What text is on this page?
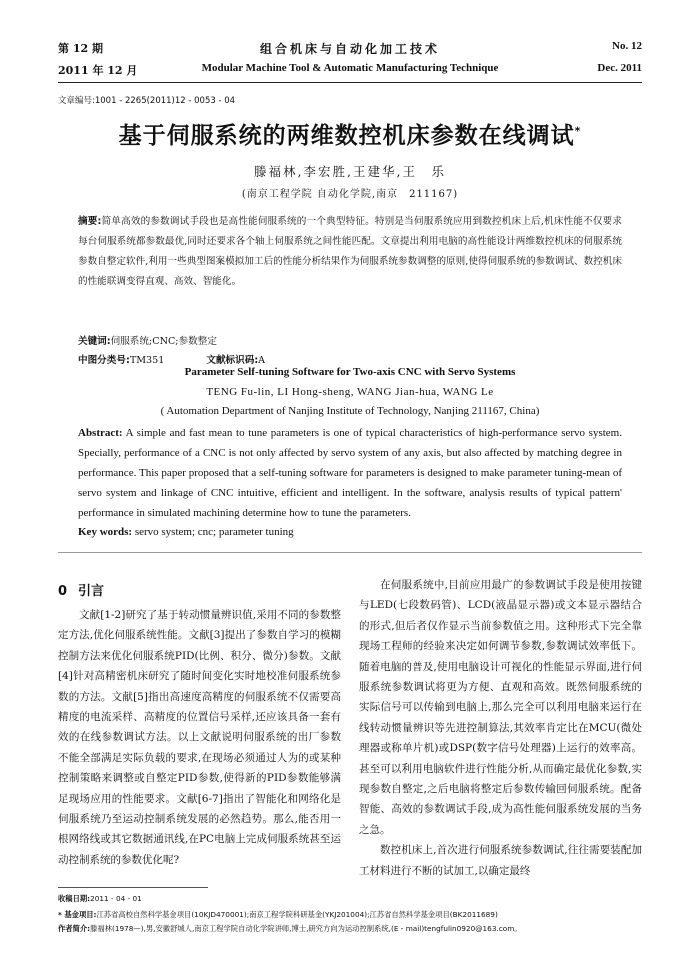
第 12 期
2011 年 12 月
组合机床与自动化加工技术
Modular Machine Tool & Automatic Manufacturing Technique
No. 12
Dec. 2011
文章编号:1001 - 2265(2011)12 - 0053 - 04
基于伺服系统的两维数控机床参数在线调试*
滕福林,李宏胜,王建华,王　乐
(南京工程学院 自动化学院,南京　211167)
摘要:简单高效的参数调试手段也是高性能伺服系统的一个典型特征。特别是当伺服系统应用到数控机床上后,机床性能不仅要求每台伺服系统都参数最优,同时还要求各个轴上伺服系统之间性能匹配。文章提出利用电脑的高性能设计两维数控机床的伺服系统参数自整定软件,利用一些典型图案模拟加工后的性能分析结果作为伺服系统参数调整的原则,使得伺服系统的参数调试、数控机床的性能联调变得直观、高效、智能化。
关键词:伺服系统;CNC;参数整定
中图分类号:TM351	文献标识码:A
Parameter Self-tuning Software for Two-axis CNC with Servo Systems
TENG Fu-lin, LI Hong-sheng, WANG Jian-hua, WANG Le
( Automation Department of Nanjing Institute of Technology, Nanjing 211167, China)
Abstract: A simple and fast mean to tune parameters is one of typical characteristics of high-performance servo system. Specially, performance of a CNC is not only affected by servo system of any axis, but also affected by matching degree in performance. This paper proposed that a self-tuning software for parameters is designed to make parameter tuning-mean of servo system and linkage of CNC intuitive, efficient and intelligent. In the software, analysis results of typical pattern' performance in simulated machining determine how to tune the parameters.
Key words: servo system; cnc; parameter tuning
0 引言

文献[1-2]研究了基于转动惯量辨识值,采用不同的参数整定方法,优化伺服系统性能。文献[3]提出了参数自学习的模糊控制方法来优化伺服系统PID(比例、积分、微分)参数。文献[4]针对高精密机床研究了随时间变化实时地校准伺服系统参数的方法。文献[5]指出高速度高精度的伺服系统不仅需要高精度的电流采样、高精度的位置信号采样,还应该具备一套有效的在线参数调试方法。以上文献说明伺服系统的出厂参数不能全部满足实际负载的要求,在现场必须通过人为的或某种控制策略来调整或自整定PID参数,使得新的PID参数能够满足现场应用的性能要求。文献[6-7]指出了智能化和网络化是伺服系统乃至运动控制系统发展的必然趋势。那么,能否用一根网络线或其它数据通讯线,在PC电脑上完成伺服系统甚至运动控制系统的参数优化呢?

在伺服系统中,目前应用最广的参数调试手段是使用按键与LED(七段数码管)、LCD(液晶显示器)或文本显示器结合的形式,但后者仅作显示当前参数值之用。这种形式下完全靠现场工程师的经验来决定如何调节参数,参数调试效率低下。随着电脑的普及,使用电脑设计可视化的性能显示界面,进行伺服系统参数调试将更为方便、直观和高效。既然伺服系统的实际信号可以传输到电脑上,那么完全可以利用电脑来运行在线转动惯量辨识等先进控制算法,其效率肯定比在MCU(微处理器或称单片机)或DSP(数字信号处理器)上运行的效率高。甚至可以利用电脑软件进行性能分析,从而确定最优化参数,实现参数自整定,之后电脑将整定后参数传输回伺服系统。配备智能、高效的参数调试手段,成为高性能伺服系统发展的当务之急。

数控机床上,首次进行伺服系统参数调试,往往需要装配加工材料进行不断的试加工,以确定最终

收稿日期:2011 - 04 - 01
* 基金项目:江苏省高校自然科学基金项目(10KJD470001);南京工程学院科研基金(YKJ201004);江苏省自然科学基金项目(BK2011689)
作者简介:滕福林(1978—),男,安徽舒城人,南京工程学院自动化学院讲师,博士,研究方向为运动控制系统,(E - mail)tengfulin0920@163.com。
